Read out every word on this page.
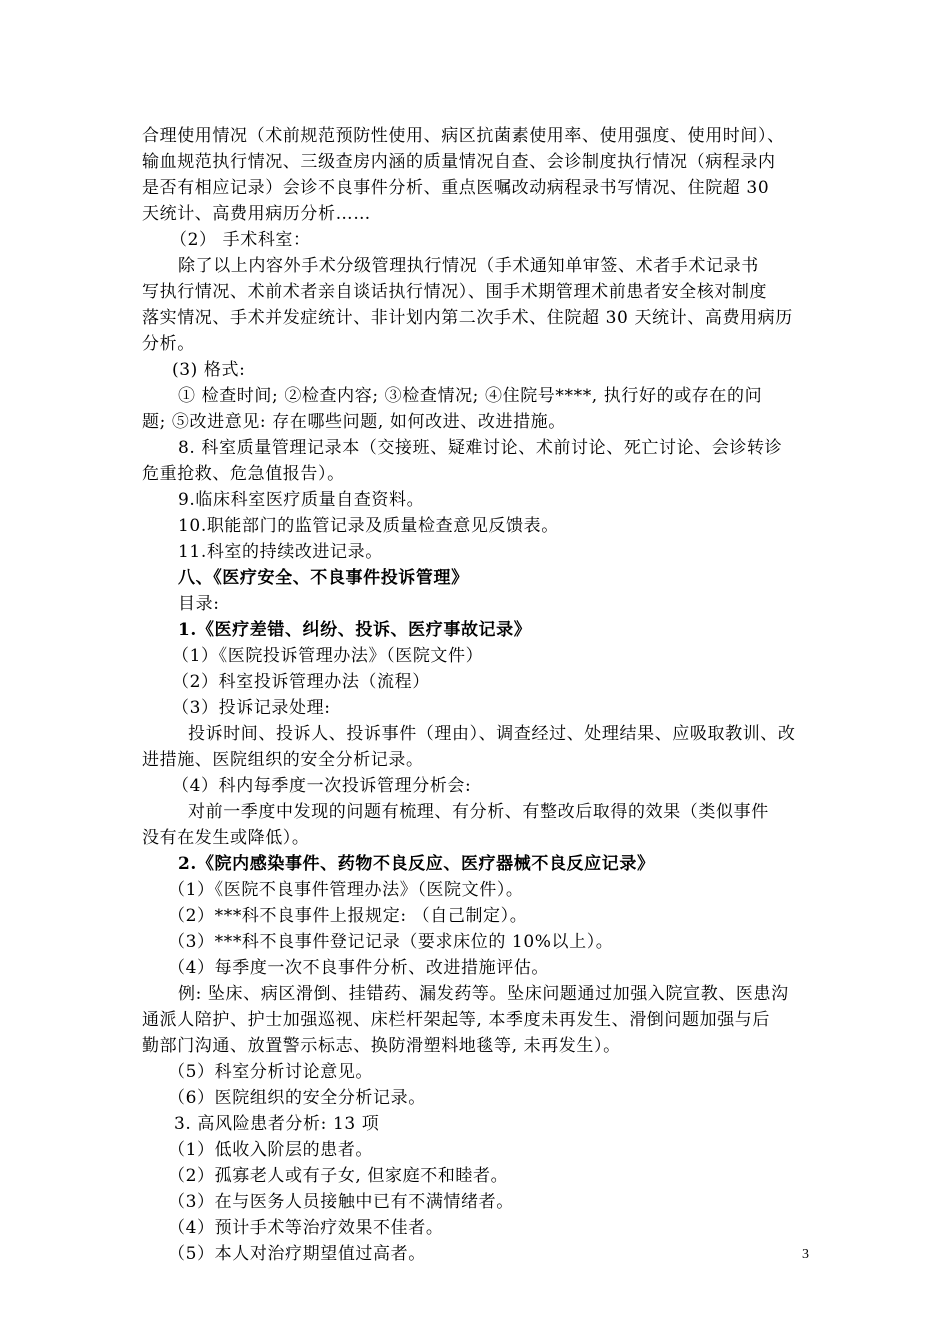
合理使用情况（术前规范预防性使用、病区抗菌素使用率、使用强度、使用时间）、
输血规范执行情况、三级查房内涵的质量情况自查、会诊制度执行情况（病程录内
是否有相应记录）会诊不良事件分析、重点医嘱改动病程录书写情况、住院超 30
天统计、高费用病历分析……
（2） 手术科室：
除了以上内容外手术分级管理执行情况（手术通知单审签、术者手术记录书
写执行情况、术前术者亲自谈话执行情况）、围手术期管理术前患者安全核对制度
落实情况、手术并发症统计、非计划内第二次手术、住院超 30 天统计、高费用病历
分析。
(3) 格式:
① 检查时间; ②检查内容; ③检查情况; ④住院号****, 执行好的或存在的问
题; ⑤改进意见: 存在哪些问题, 如何改进、改进措施。
8. 科室质量管理记录本（交接班、疑难讨论、术前讨论、死亡讨论、会诊转诊
危重抢救、危急值报告）。
9.临床科室医疗质量自查资料。
10.职能部门的监管记录及质量检查意见反馈表。
11.科室的持续改进记录。
八、《医疗安全、不良事件投诉管理》
目录:
1.《医疗差错、纠纷、投诉、医疗事故记录》
（1）《医院投诉管理办法》（医院文件）
（2）科室投诉管理办法（流程）
（3）投诉记录处理:
投诉时间、投诉人、投诉事件（理由）、调查经过、处理结果、应吸取教训、改
进措施、医院组织的安全分析记录。
（4）科内每季度一次投诉管理分析会:
对前一季度中发现的问题有梳理、有分析、有整改后取得的效果（类似事件
没有在发生或降低）。
2.《院内感染事件、药物不良反应、医疗器械不良反应记录》
（1）《医院不良事件管理办法》（医院文件）。
（2）***科不良事件上报规定: （自己制定）。
（3）***科不良事件登记记录（要求床位的 10%以上）。
（4）每季度一次不良事件分析、改进措施评估。
例: 坠床、病区滑倒、挂错药、漏发药等。坠床问题通过加强入院宣教、医患沟
通派人陪护、护士加强巡视、床栏杆架起等, 本季度未再发生、滑倒问题加强与后
勤部门沟通、放置警示标志、换防滑塑料地毯等, 未再发生）。
（5）科室分析讨论意见。
（6）医院组织的安全分析记录。
3. 高风险患者分析: 13 项
（1）低收入阶层的患者。
（2）孤寡老人或有子女, 但家庭不和睦者。
（3）在与医务人员接触中已有不满情绪者。
（4）预计手术等治疗效果不佳者。
（5）本人对治疗期望值过高者。	3
